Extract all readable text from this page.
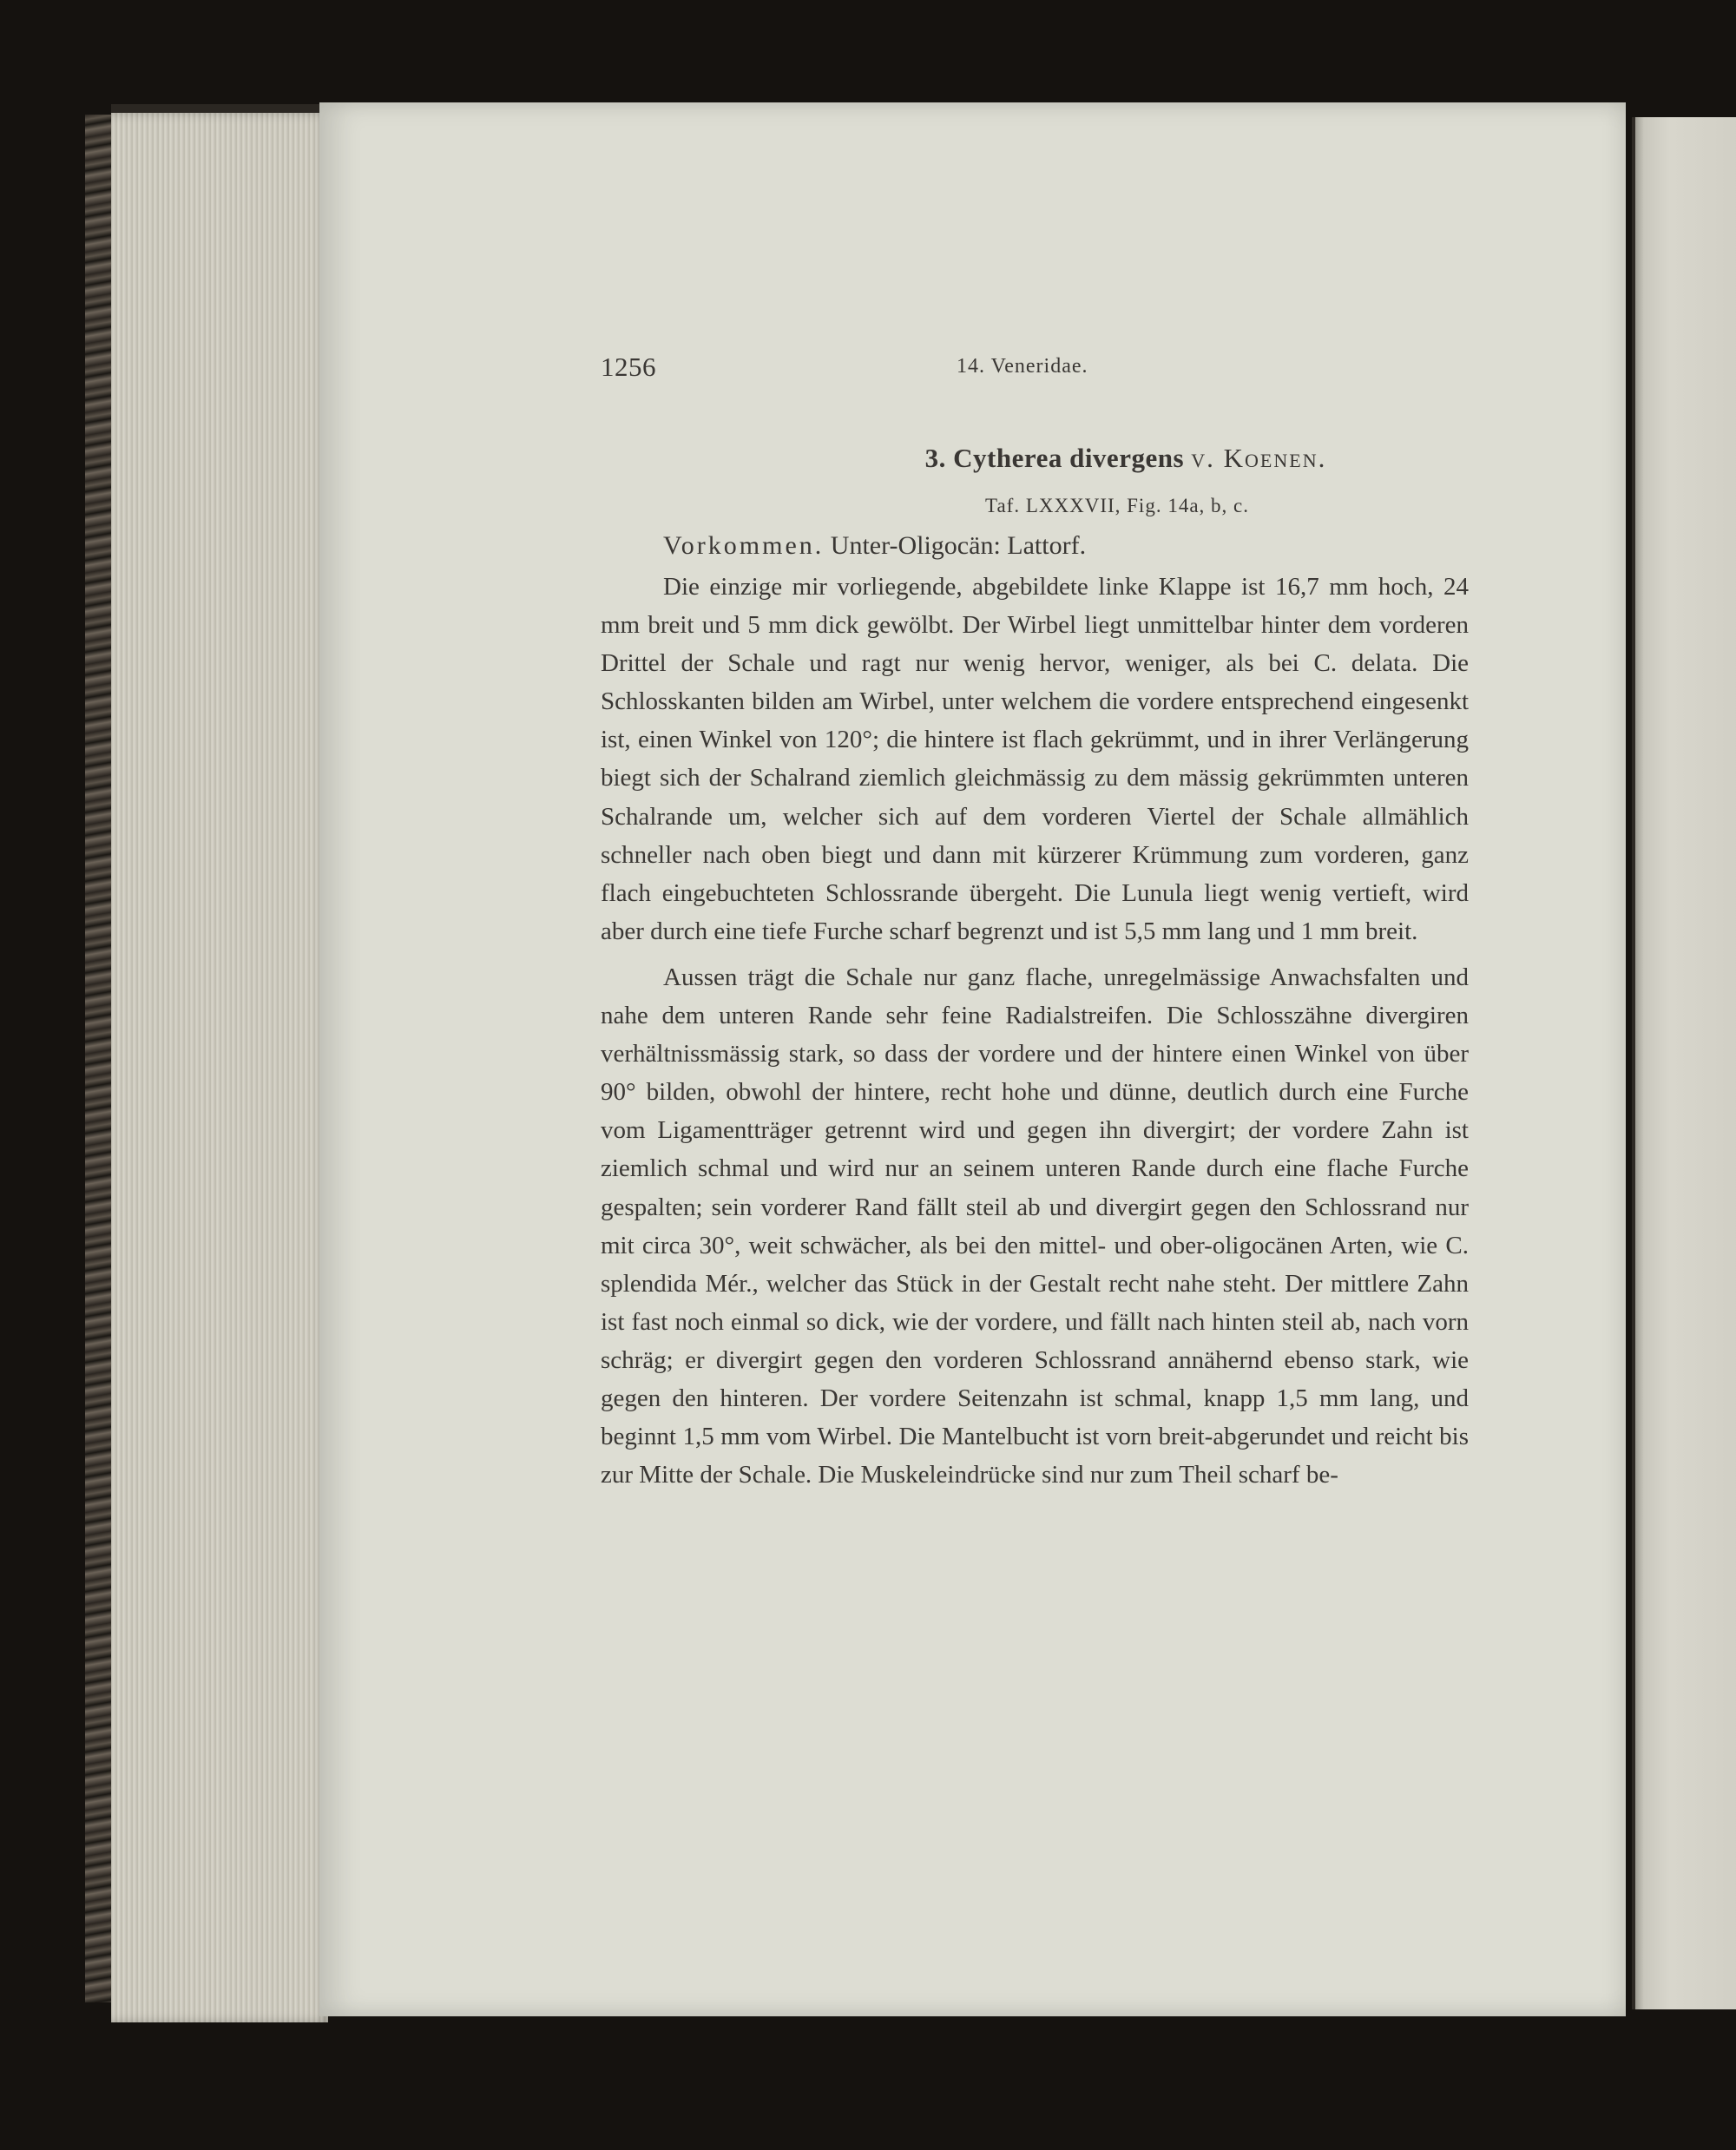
1256	14. Veneridae.
3. Cytherea divergens v. Koenen.
Taf. LXXXVII, Fig. 14a, b, c.
Vorkommen. Unter-Oligocän: Lattorf.

Die einzige mir vorliegende, abgebildete linke Klappe ist 16,7 mm hoch, 24 mm breit und 5 mm dick gewölbt. Der Wirbel liegt unmittelbar hinter dem vorderen Drittel der Schale und ragt nur wenig hervor, weniger, als bei C. delata. Die Schlosskanten bilden am Wirbel, unter welchem die vordere entsprechend eingesenkt ist, einen Winkel von 120°; die hintere ist flach gekrümmt, und in ihrer Verlängerung biegt sich der Schalrand ziemlich gleichmässig zu dem mässig gekrümmten unteren Schalrande um, welcher sich auf dem vorderen Viertel der Schale allmählich schneller nach oben biegt und dann mit kürzerer Krümmung zum vorderen, ganz flach eingebuchteten Schlossrande übergeht. Die Lunula liegt wenig vertieft, wird aber durch eine tiefe Furche scharf begrenzt und ist 5,5 mm lang und 1 mm breit.

Aussen trägt die Schale nur ganz flache, unregelmässige Anwachsfalten und nahe dem unteren Rande sehr feine Radialstreifen. Die Schlosszähne divergiren verhältnissmässig stark, so dass der vordere und der hintere einen Winkel von über 90° bilden, obwohl der hintere, recht hohe und dünne, deutlich durch eine Furche vom Ligamentträger getrennt wird und gegen ihn divergirt; der vordere Zahn ist ziemlich schmal und wird nur an seinem unteren Rande durch eine flache Furche gespalten; sein vorderer Rand fällt steil ab und divergirt gegen den Schlossrand nur mit circa 30°, weit schwächer, als bei den mittel- und ober-oligocänen Arten, wie C. splendida Mér., welcher das Stück in der Gestalt recht nahe steht. Der mittlere Zahn ist fast noch einmal so dick, wie der vordere, und fällt nach hinten steil ab, nach vorn schräg; er divergirt gegen den vorderen Schlossrand annähernd ebenso stark, wie gegen den hinteren. Der vordere Seitenzahn ist schmal, knapp 1,5 mm lang, und beginnt 1,5 mm vom Wirbel. Die Mantelbucht ist vorn breit-abgerundet und reicht bis zur Mitte der Schale. Die Muskeleindrücke sind nur zum Theil scharf be-
